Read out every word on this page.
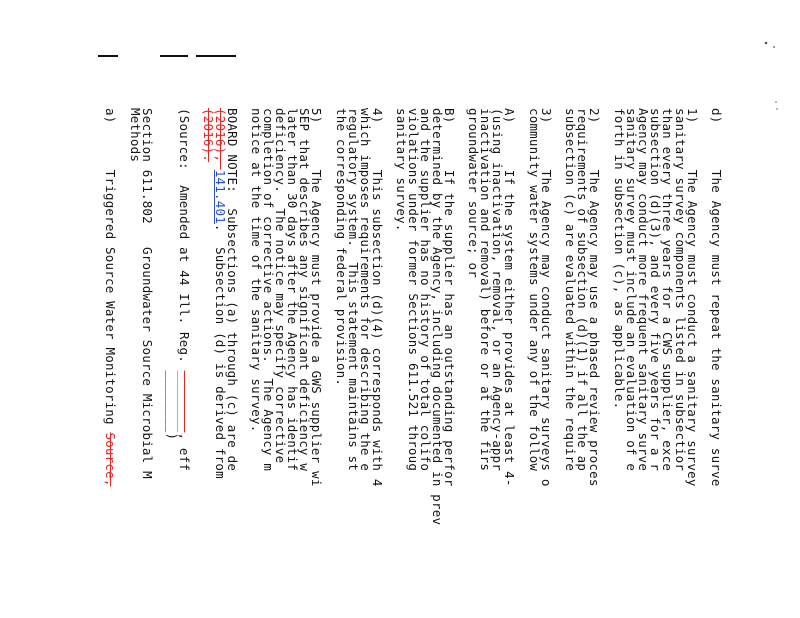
d)      The Agency must repeat the sanitary surve
1)      The Agency must conduct a sanitary survey
sanitary survey components listed in subsectior
than every three years for a CWS supplier, exce
subsection (d)(3), and every five years for a r
Agency may conduct more frequent sanitary surve
sanitary survey must include an evaluation of e
forth in subsection (c), as applicable.
2)      The Agency may use a phased review proces
requirements of subsection (d)(1) if all the ap
subsection (c) are evaluated within the require
3)      The Agency may conduct sanitary surveys o
community water systems under any of the follow
A)      If the system either provides at least 4-
(using inactivation, removal, or an Agency-appr
inactivation and removal) before or at the firs
groundwater source; or
B)      If the supplier has an outstanding perfor
determined by the Agency, including documented in prev
and the supplier has no history of total colifo
violations under former Sections 611.521 throug
sanitary survey.
4)      This subsection (d)(4) corresponds with 4
which imposes requirements for describing the e
regulatory system.  This statement maintains st
the corresponding federal provision.
5)      The Agency must provide a GWS supplier wi
SEP that describes any significant deficiency w
later than 30 days after the Agency has identif
deficiency.  The notice may specify corrective
completion of corrective actions.  The Agency m
notice at the time of the sanitary survey.
BOARD NOTE:  Subsections (a) through (c) are de
(2016), 141.401.  Subsection (d) is derived from
(2016).
(Source:  Amended at 44 Ill. Reg. ________, eff
________)
Section 611.802   Groundwater Source Microbial M
Methods
a)      Triggered Source Water Monitoring Source,
